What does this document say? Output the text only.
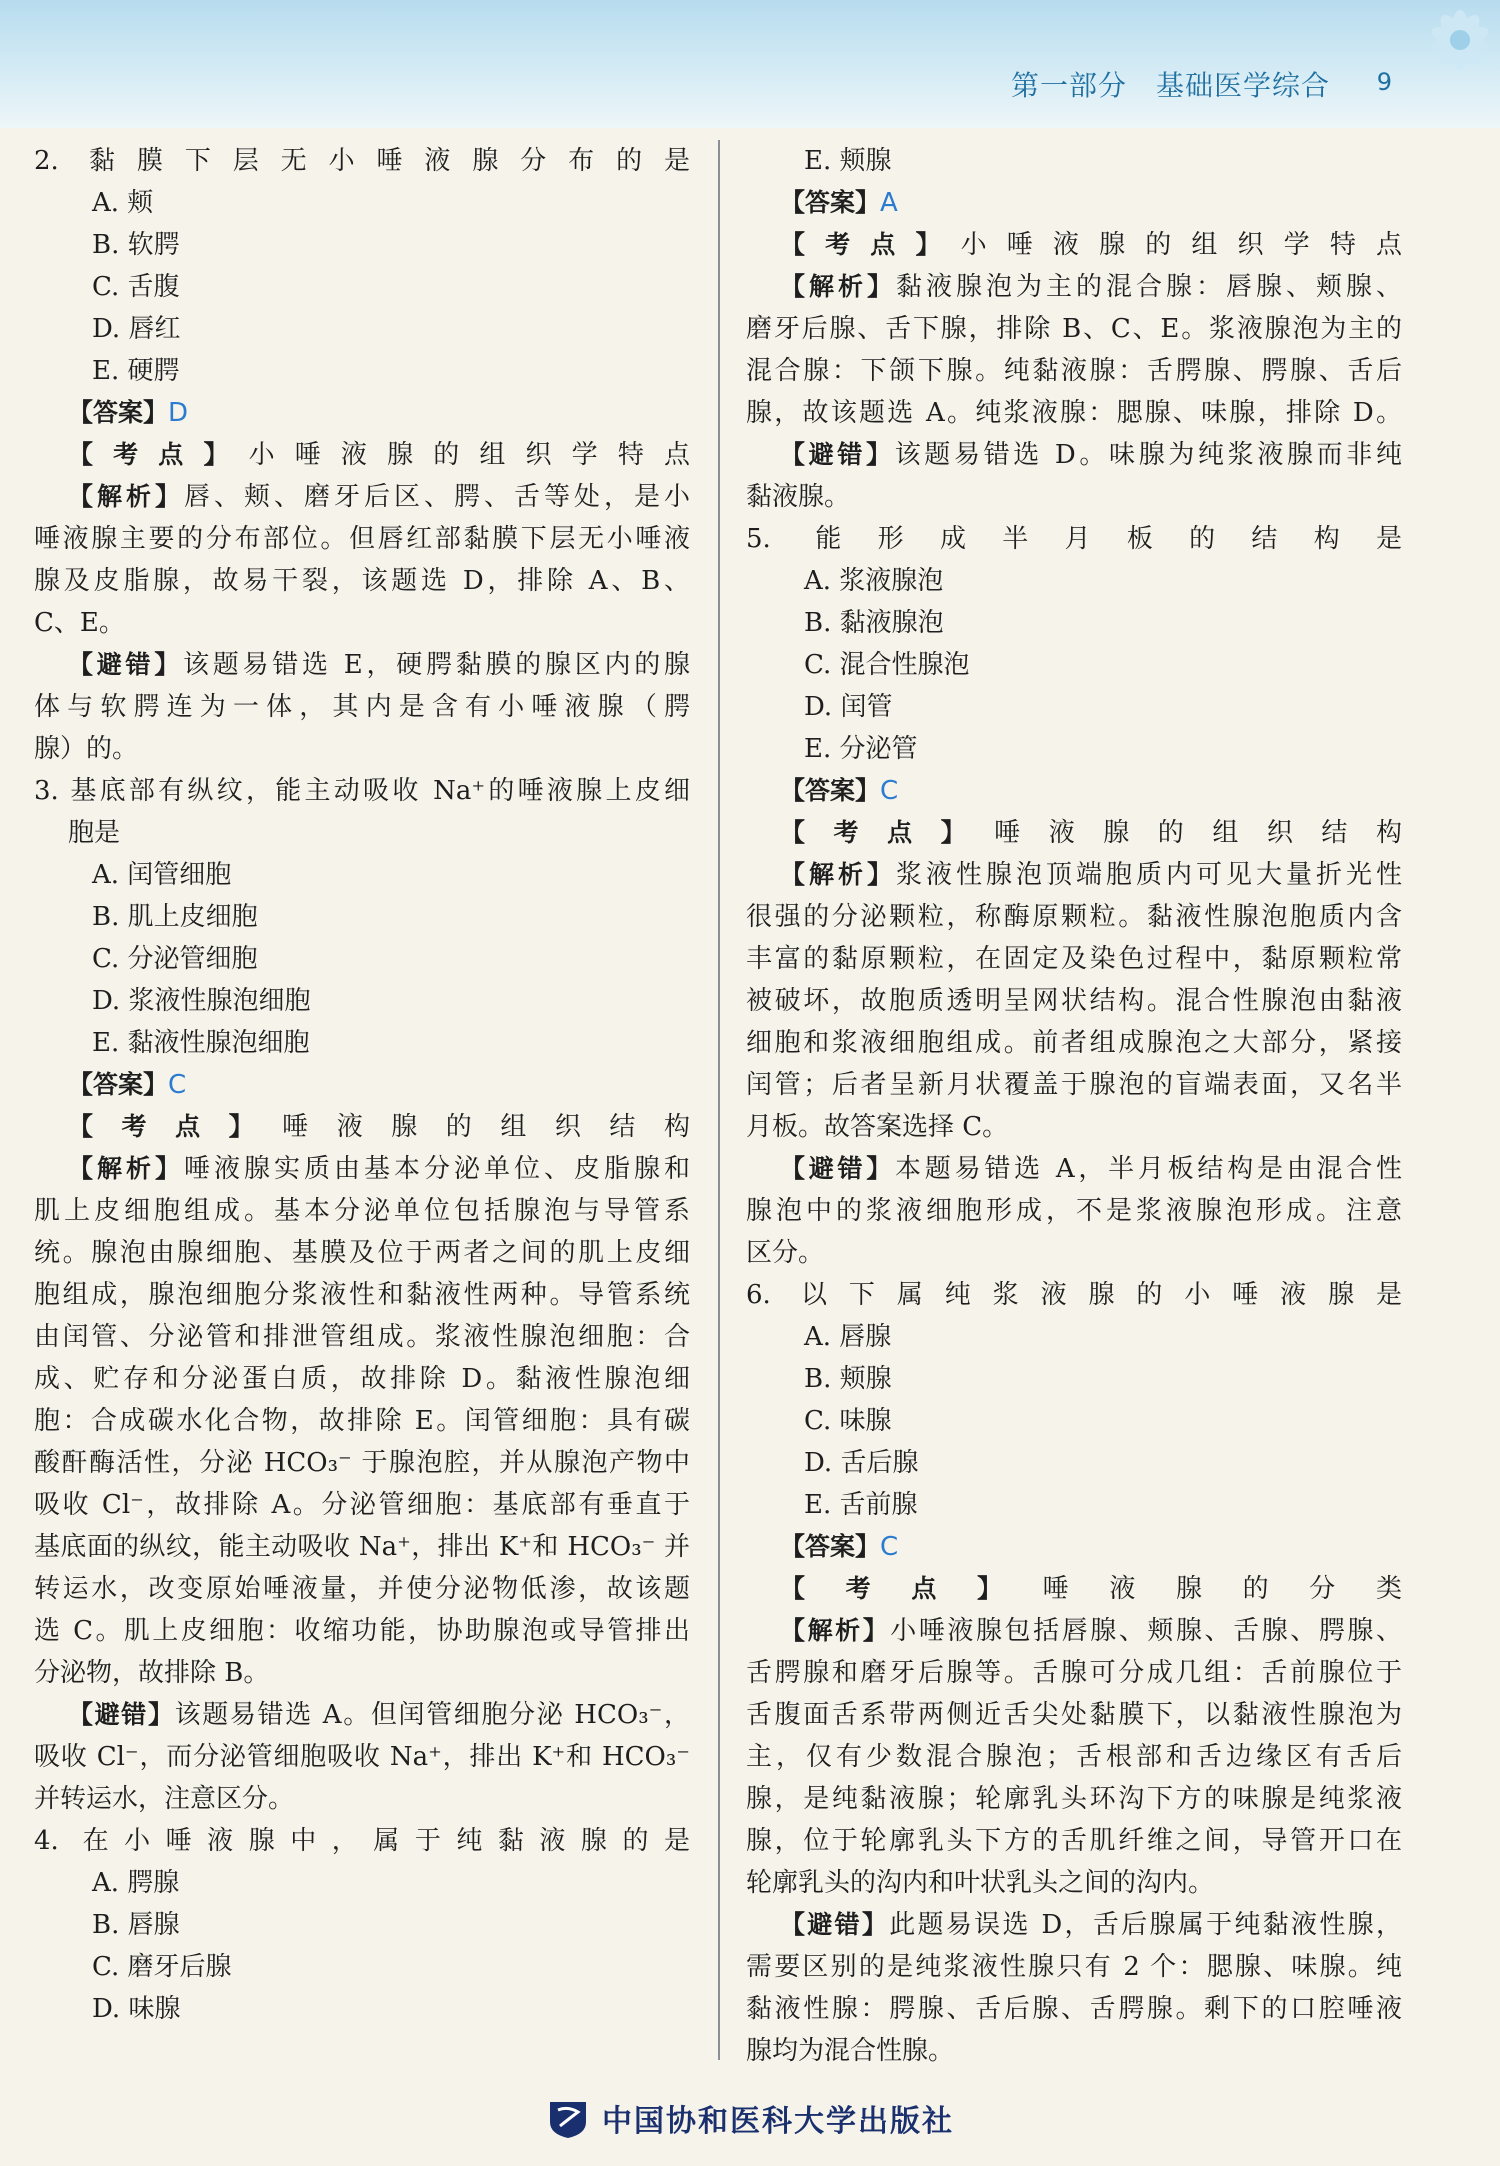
第一部分　基础医学综合 9
2. 黏膜下层无小唾液腺分布的是
A. 颊
B. 软腭
C. 舌腹
D. 唇红
E. 硬腭
【答案】D
【考点】小唾液腺的组织学特点
【解析】唇、颊、磨牙后区、腭、舌等处，是小
唾液腺主要的分布部位。但唇红部黏膜下层无小唾液
腺及皮脂腺，故易干裂，该题选 D，排除 A、B、
C、E。
【避错】该题易错选 E，硬腭黏膜的腺区内的腺
体与软腭连为一体，其内是含有小唾液腺（腭
腺）的。
3. 基底部有纵纹，能主动吸收 Na⁺的唾液腺上皮细
胞是
A. 闰管细胞
B. 肌上皮细胞
C. 分泌管细胞
D. 浆液性腺泡细胞
E. 黏液性腺泡细胞
【答案】C
【考点】唾液腺的组织结构
【解析】唾液腺实质由基本分泌单位、皮脂腺和
肌上皮细胞组成。基本分泌单位包括腺泡与导管系
统。腺泡由腺细胞、基膜及位于两者之间的肌上皮细
胞组成，腺泡细胞分浆液性和黏液性两种。导管系统
由闰管、分泌管和排泄管组成。浆液性腺泡细胞：合
成、贮存和分泌蛋白质，故排除 D。黏液性腺泡细
胞：合成碳水化合物，故排除 E。闰管细胞：具有碳
酸酐酶活性，分泌 HCO₃⁻ 于腺泡腔，并从腺泡产物中
吸收 Cl⁻，故排除 A。分泌管细胞：基底部有垂直于
基底面的纵纹，能主动吸收 Na⁺，排出 K⁺和 HCO₃⁻ 并
转运水，改变原始唾液量，并使分泌物低渗，故该题
选 C。肌上皮细胞：收缩功能，协助腺泡或导管排出
分泌物，故排除 B。
【避错】该题易错选 A。但闰管细胞分泌 HCO₃⁻，
吸收 Cl⁻，而分泌管细胞吸收 Na⁺，排出 K⁺和 HCO₃⁻
并转运水，注意区分。
4. 在小唾液腺中，属于纯黏液腺的是
A. 腭腺
B. 唇腺
C. 磨牙后腺
D. 味腺
E. 颊腺
【答案】A
【考点】小唾液腺的组织学特点
【解析】黏液腺泡为主的混合腺：唇腺、颊腺、
磨牙后腺、舌下腺，排除 B、C、E。浆液腺泡为主的
混合腺：下颌下腺。纯黏液腺：舌腭腺、腭腺、舌后
腺，故该题选 A。纯浆液腺：腮腺、味腺，排除 D。
【避错】该题易错选 D。味腺为纯浆液腺而非纯
黏液腺。
5. 能形成半月板的结构是
A. 浆液腺泡
B. 黏液腺泡
C. 混合性腺泡
D. 闰管
E. 分泌管
【答案】C
【考点】唾液腺的组织结构
【解析】浆液性腺泡顶端胞质内可见大量折光性
很强的分泌颗粒，称酶原颗粒。黏液性腺泡胞质内含
丰富的黏原颗粒，在固定及染色过程中，黏原颗粒常
被破坏，故胞质透明呈网状结构。混合性腺泡由黏液
细胞和浆液细胞组成。前者组成腺泡之大部分，紧接
闰管；后者呈新月状覆盖于腺泡的盲端表面，又名半
月板。故答案选择 C。
【避错】本题易错选 A，半月板结构是由混合性
腺泡中的浆液细胞形成，不是浆液腺泡形成。注意
区分。
6. 以下属纯浆液腺的小唾液腺是
A. 唇腺
B. 颊腺
C. 味腺
D. 舌后腺
E. 舌前腺
【答案】C
【考点】唾液腺的分类
【解析】小唾液腺包括唇腺、颊腺、舌腺、腭腺、
舌腭腺和磨牙后腺等。舌腺可分成几组：舌前腺位于
舌腹面舌系带两侧近舌尖处黏膜下，以黏液性腺泡为
主，仅有少数混合腺泡；舌根部和舌边缘区有舌后
腺，是纯黏液腺；轮廓乳头环沟下方的味腺是纯浆液
腺，位于轮廓乳头下方的舌肌纤维之间，导管开口在
轮廓乳头的沟内和叶状乳头之间的沟内。
【避错】此题易误选 D，舌后腺属于纯黏液性腺，
需要区别的是纯浆液性腺只有 2 个：腮腺、味腺。纯
黏液性腺：腭腺、舌后腺、舌腭腺。剩下的口腔唾液
腺均为混合性腺。
中国协和医科大学出版社
